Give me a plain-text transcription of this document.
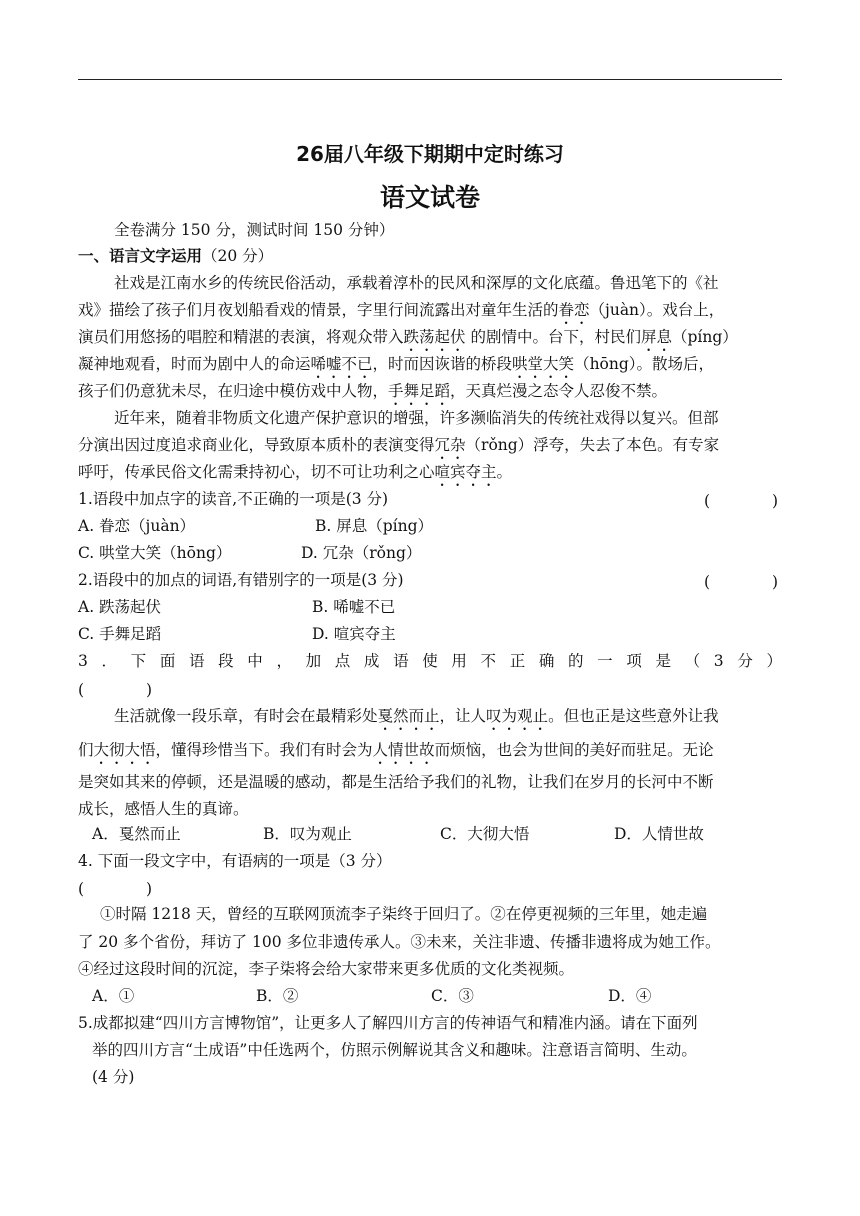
26届八年级下期期中定时练习
语文试卷
全卷满分 150 分，测试时间 150 分钟）
一、语言文字运用（20 分）
社戏是江南水乡的传统民俗活动，承载着淳朴的民风和深厚的文化底蕴。鲁迅笔下的《社
戏》描绘了孩子们月夜划船看戏的情景，字里行间流露出对童年生活的眷恋（juàn）。戏台上，
演员们用悠扬的唱腔和精湛的表演，将观众带入跌荡起伏 的剧情中。台下，村民们屏息（píng）
凝神地观看，时而为剧中人的命运唏嘘不已，时而因诙谐的桥段哄堂大笑（hōng）。散场后，
孩子们仍意犹未尽，在归途中模仿戏中人物，手舞足蹈，天真烂漫之态令人忍俊不禁。
近年来，随着非物质文化遗产保护意识的增强，许多濒临消失的传统社戏得以复兴。但部
分演出因过度追求商业化，导致原本质朴的表演变得冗杂（rǒng）浮夸，失去了本色。有专家
呼吁，传承民俗文化需秉持初心，切不可让功利之心喧宾夺主。
1.语段中加点字的读音,不正确的一项是(3 分)	(　　　　)
A. 眷恋（juàn）	B. 屏息（píng）
C. 哄堂大笑（hōng）	D. 冗杂（rǒng）
2.语段中的加点的词语,有错别字的一项是(3 分)	(　　　　)
A. 跌荡起伏	B. 唏嘘不已
C. 手舞足蹈	D. 喧宾夺主
3 ． 下 面 语 段 中 ， 加 点 成 语 使 用 不 正 确 的 一 项 是 （ 3 分 ）
(　　　　)
生活就像一段乐章，有时会在最精彩处戛然而止，让人叹为观止。但也正是这些意外让我
们大彻大悟，懂得珍惜当下。我们有时会为人情世故而烦恼，也会为世间的美好而驻足。无论
是突如其来的停顿，还是温暖的感动，都是生活给予我们的礼物，让我们在岁月的长河中不断
成长，感悟人生的真谛。
A．戛然而止	B．叹为观止	C．大彻大悟	D．人情世故
4. 下面一段文字中，有语病的一项是（3 分）
(　　　　)
①时隔 1218 天，曾经的互联网顶流李子柒终于回归了。②在停更视频的三年里，她走遍
了 20 多个省份，拜访了 100 多位非遗传承人。③未来，关注非遗、传播非遗将成为她工作。
④经过这段时间的沉淀，李子柒将会给大家带来更多优质的文化类视频。
A．①	B．②	C．③	D．④
5.成都拟建“四川方言博物馆”，让更多人了解四川方言的传神语气和精准内涵。请在下面列
举的四川方言“土成语”中任选两个，仿照示例解说其含义和趣味。注意语言简明、生动。
(4 分)
